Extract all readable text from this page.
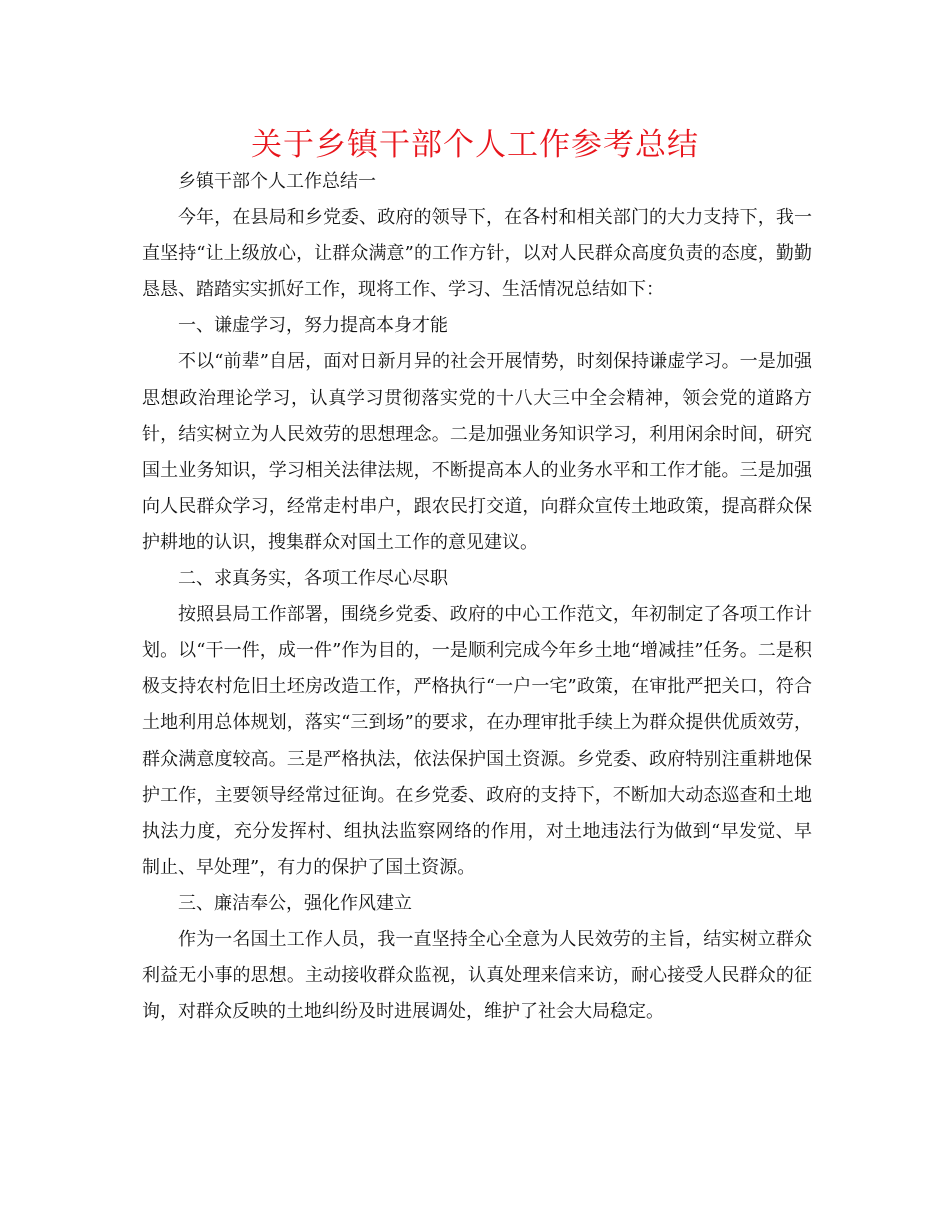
关于乡镇干部个人工作参考总结

乡镇干部个人工作总结一

今年，在县局和乡党委、政府的领导下，在各村和相关部门的大力支持下，我一直坚持“让上级放心，让群众满意”的工作方针，以对人民群众高度负责的态度，勤勤恳恳、踏踏实实抓好工作，现将工作、学习、生活情况总结如下：

一、谦虚学习，努力提高本身才能

不以“前辈”自居，面对日新月异的社会开展情势，时刻保持谦虚学习。一是加强思想政治理论学习，认真学习贯彻落实党的十八大三中全会精神，领会党的道路方针，结实树立为人民效劳的思想理念。二是加强业务知识学习，利用闲余时间，研究国土业务知识，学习相关法律法规，不断提高本人的业务水平和工作才能。三是加强向人民群众学习，经常走村串户，跟农民打交道，向群众宣传土地政策，提高群众保护耕地的认识，搜集群众对国土工作的意见建议。

二、求真务实，各项工作尽心尽职

按照县局工作部署，围绕乡党委、政府的中心工作范文，年初制定了各项工作计划。以“干一件，成一件”作为目的，一是顺利完成今年乡土地“增减挂”任务。二是积极支持农村危旧土坯房改造工作，严格执行“一户一宅”政策，在审批严把关口，符合土地利用总体规划，落实“三到场”的要求，在办理审批手续上为群众提供优质效劳，群众满意度较高。三是严格执法，依法保护国土资源。乡党委、政府特别注重耕地保护工作，主要领导经常过征询。在乡党委、政府的支持下，不断加大动态巡查和土地执法力度，充分发挥村、组执法监察网络的作用，对土地违法行为做到“早发觉、早制止、早处理”，有力的保护了国土资源。

三、廉洁奉公，强化作风建立

作为一名国土工作人员，我一直坚持全心全意为人民效劳的主旨，结实树立群众利益无小事的思想。主动接收群众监视，认真处理来信来访，耐心接受人民群众的征询，对群众反映的土地纠纷及时进展调处，维护了社会大局稳定。
